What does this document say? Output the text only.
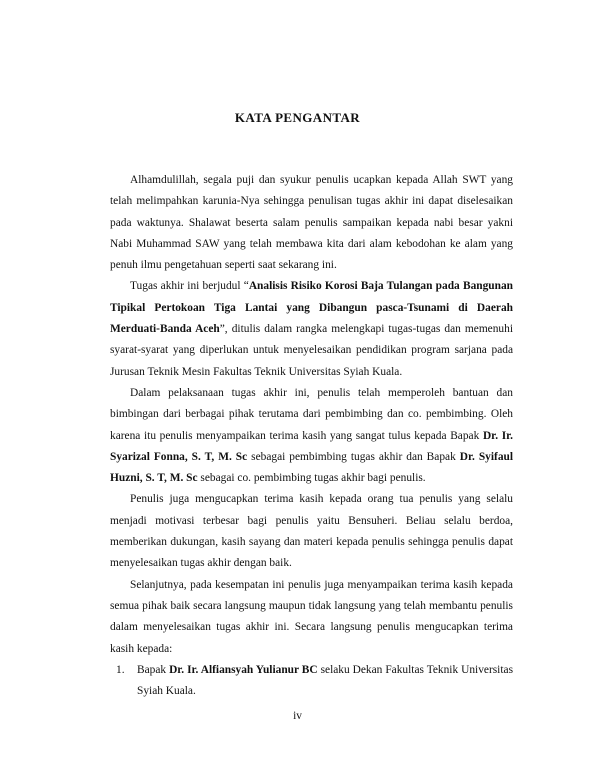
KATA PENGANTAR

Alhamdulillah, segala puji dan syukur penulis ucapkan kepada Allah SWT yang telah melimpahkan karunia-Nya sehingga penulisan tugas akhir ini dapat diselesaikan pada waktunya. Shalawat beserta salam penulis sampaikan kepada nabi besar yakni Nabi Muhammad SAW yang telah membawa kita dari alam kebodohan ke alam yang penuh ilmu pengetahuan seperti saat sekarang ini.

Tugas akhir ini berjudul “Analisis Risiko Korosi Baja Tulangan pada Bangunan Tipikal Pertokoan Tiga Lantai yang Dibangun pasca-Tsunami di Daerah Merduati-Banda Aceh”, ditulis dalam rangka melengkapi tugas-tugas dan memenuhi syarat-syarat yang diperlukan untuk menyelesaikan pendidikan program sarjana pada Jurusan Teknik Mesin Fakultas Teknik Universitas Syiah Kuala.

Dalam pelaksanaan tugas akhir ini, penulis telah memperoleh bantuan dan bimbingan dari berbagai pihak terutama dari pembimbing dan co. pembimbing. Oleh karena itu penulis menyampaikan terima kasih yang sangat tulus kepada Bapak Dr. Ir. Syarizal Fonna, S. T, M. Sc sebagai pembimbing tugas akhir dan Bapak Dr. Syifaul Huzni, S. T, M. Sc sebagai co. pembimbing tugas akhir bagi penulis.

Penulis juga mengucapkan terima kasih kepada orang tua penulis yang selalu menjadi motivasi terbesar bagi penulis yaitu Bensuheri. Beliau selalu berdoa, memberikan dukungan, kasih sayang dan materi kepada penulis sehingga penulis dapat menyelesaikan tugas akhir dengan baik.

Selanjutnya, pada kesempatan ini penulis juga menyampaikan terima kasih kepada semua pihak baik secara langsung maupun tidak langsung yang telah membantu penulis dalam menyelesaikan tugas akhir ini. Secara langsung penulis mengucapkan terima kasih kepada:

1. Bapak Dr. Ir. Alfiansyah Yulianur BC selaku Dekan Fakultas Teknik Universitas Syiah Kuala.
iv
